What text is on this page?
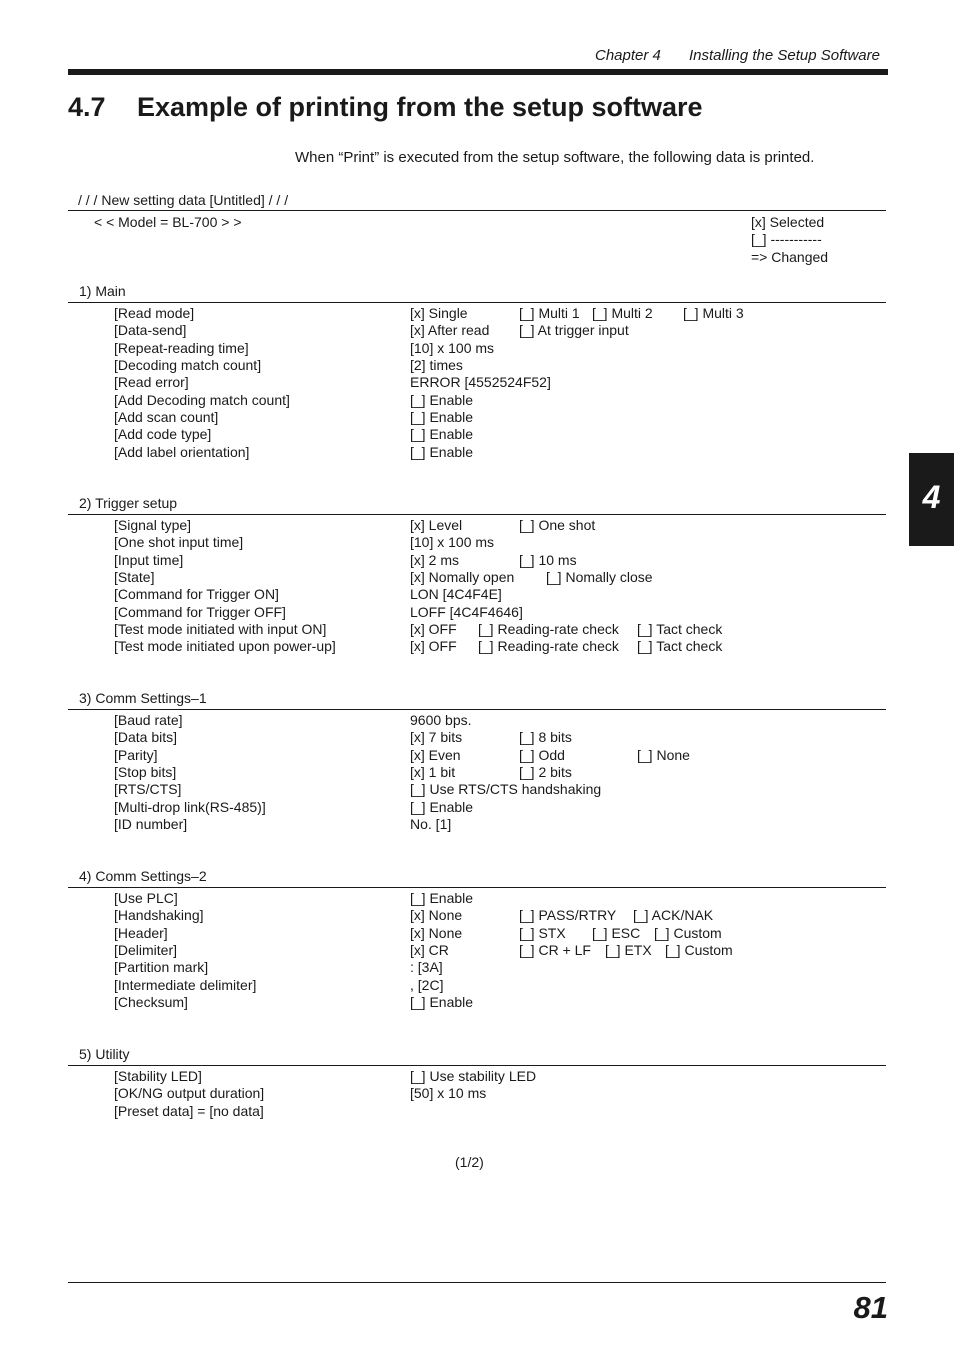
Chapter 4 Installing the Setup Software
4.7 Example of printing from the setup software
When “Print” is executed from the setup software, the following data is printed.
/ / / New setting data [Untitled] / / /
< < Model = BL-700 > >	[x] Selected
[_] -----------
=> Changed
1) Main
[Read mode]	[x] Single	[_] Multi 1 [_] Multi 2 [_] Multi 3
[Data-send]	[x] After read [_] At trigger input
[Repeat-reading time]	[10] x 100 ms
[Decoding match count]	[2] times
[Read error]	ERROR [4552524F52]
[Add Decoding match count]	[_] Enable
[Add scan count]	[_] Enable
[Add code type]	[_] Enable
[Add label orientation]	[_] Enable
2) Trigger setup
[Signal type]	[x] Level	[_] One shot
[One shot input time]	[10] x 100 ms
[Input time]	[x] 2 ms	[_] 10 ms
[State]	[x] Nomally open [_] Nomally close
[Command for Trigger ON]	LON [4C4F4E]
[Command for Trigger OFF]	LOFF [4C4F4646]
[Test mode initiated with input ON]	[x] OFF [_] Reading-rate check [_] Tact check
[Test mode initiated upon power-up]	[x] OFF [_] Reading-rate check [_] Tact check
3) Comm Settings–1
[Baud rate]	9600 bps.
[Data bits]	[x] 7 bits	[_] 8 bits
[Parity]	[x] Even	[_] Odd	[_] None
[Stop bits]	[x] 1 bit	[_] 2 bits
[RTS/CTS]	[_] Use RTS/CTS handshaking
[Multi-drop link(RS-485)]	[_] Enable
[ID number]	No. [1]
4) Comm Settings–2
[Use PLC]	[_] Enable
[Handshaking]	[x] None	[_] PASS/RTRY [_] ACK/NAK
[Header]	[x] None	[_] STX [_] ESC [_] Custom
[Delimiter]	[x] CR	[_] CR + LF [_] ETX [_] Custom
[Partition mark]	: [3A]
[Intermediate delimiter]	, [2C]
[Checksum]	[_] Enable
5) Utility
[Stability LED]	[_] Use stability LED
[OK/NG output duration]	[50] x 10 ms
[Preset data] = [no data]
(1/2)
4
81
